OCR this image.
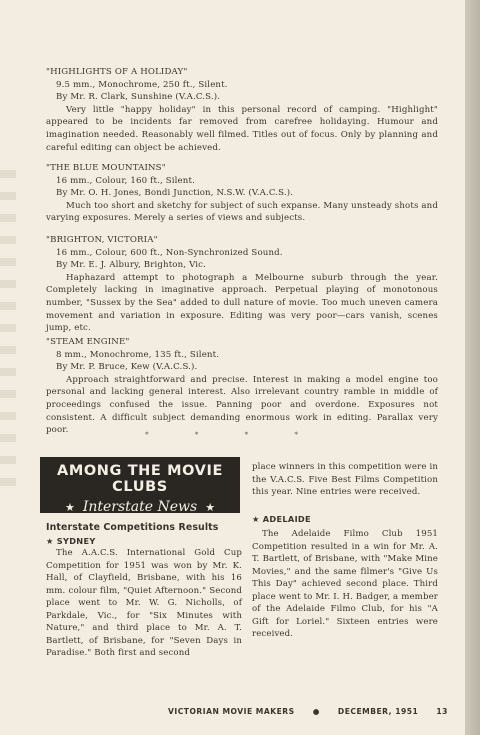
"HIGHLIGHTS OF A HOLIDAY"
9.5 mm., Monochrome, 250 ft., Silent.
By Mr. R. Clark, Sunshine (V.A.C.S.).

Very little "happy holiday" in this personal record of camping. "Highlight" appeared to be incidents far removed from carefree holidaying. Humour and imagination needed. Reasonably well filmed. Titles out of focus. Only by planning and careful editing can object be achieved.

"THE BLUE MOUNTAINS"
16 mm., Colour, 160 ft., Silent.
By Mr. O. H. Jones, Bondi Junction, N.S.W. (V.A.C.S.).

Much too short and sketchy for subject of such expanse. Many unsteady shots and varying exposures. Merely a series of views and subjects.

"BRIGHTON, VICTORIA"
16 mm., Colour, 600 ft., Non-Synchronized Sound.
By Mr. E. J. Albury, Brighton, Vic.

Haphazard attempt to photograph a Melbourne suburb through the year. Completely lacking in imaginative approach. Perpetual playing of monotonous number, "Sussex by the Sea" added to dull nature of movie. Too much uneven camera movement and variation in exposure. Editing was very poor—cars vanish, scenes jump, etc.

"STEAM ENGINE"
8 mm., Monochrome, 135 ft., Silent.
By Mr. P. Bruce, Kew (V.A.C.S.).

Approach straightforward and precise. Interest in making a model engine too personal and lacking general interest. Also irrelevant country ramble in middle of proceedings confused the issue. Panning poor and overdone. Exposures not consistent. A difficult subject demanding enormous work in editing. Parallax very poor.	* * * *
AMONG THE MOVIE CLUBS
★ Interstate News ★
Interstate Competitions Results
★ SYDNEY

The A.A.C.S. International Gold Cup Competition for 1951 was won by Mr. K. Hall, of Clayfield, Brisbane, with his 16 mm. colour film, "Quiet Afternoon." Second place went to Mr. W. G. Nicholls, of Parkdale, Vic., for "Six Minutes with Nature," and third place to Mr. A. T. Bartlett, of Brisbane, for "Seven Days in Paradise." Both first and second

place winners in this competition were in the V.A.C.S. Five Best Films Competition this year. Nine entries were received.

★ ADELAIDE

The Adelaide Filmo Club 1951 Competition resulted in a win for Mr. A. T. Bartlett, of Brisbane, with "Make Mine Movies," and the same filmer's "Give Us This Day" achieved second place. Third place went to Mr. I. H. Badger, a member of the Adelaide Filmo Club, for his "A Gift for Loriel." Sixteen entries were received.

VICTORIAN MOVIE MAKERS ● DECEMBER, 1951 13
